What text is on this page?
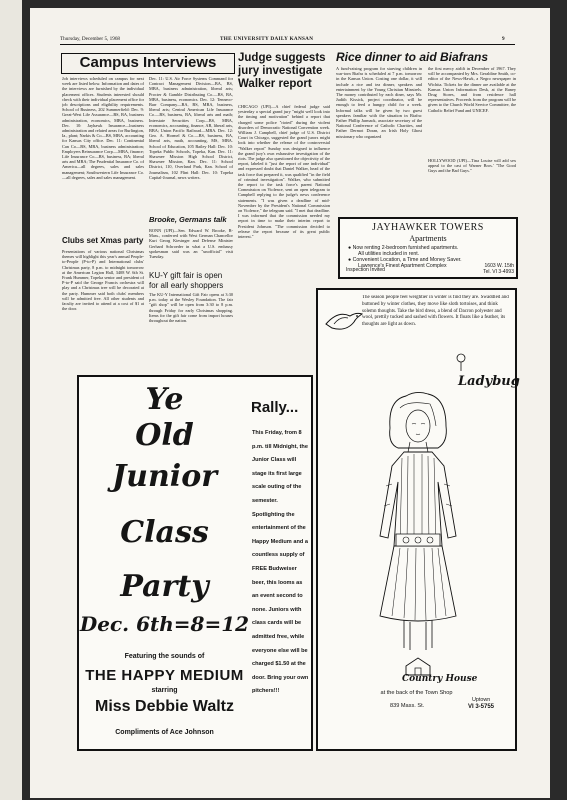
Thursday, December 5, 1968	THE UNIVERSITY DAILY KANSAN	9
Campus Interviews
Job interviews scheduled on campus for next week are listed below. Information and dates of the interviews are furnished by the individual placement offices. Students interested should check with their individual placement office for job descriptions and eligibility requirements. School of Business, 202 Summerfield: Dec. 9: Great-West Life Assurance—BS, BA, business administration, economics, MBA, business. Dec. 10: Jayhawk Insurance—business administration and related areas for Burlington, Ia., plant; Narkis & Co—BS, MBA, accounting for Kansas City office. Dec. 11: Continental Can Co—BS, MBA, business administration; Employers Reinsurance Corp.—MBA, finance; Life Insurance Co—BS, business, BA; liberal arts and MBA; The Prudential Insurance Co. of America—all degrees, sales and sales management; Southwestern Life Insurance Co.—all degrees, sales and sales management.
Dec. 11: U.S. Air Force Systems Command for Contract Management Division—BA, BS, MBA, business administration, liberal arts; Procter & Gamble Distributing Co.—BS, BA, MBA, business, economics. Dec. 12: Tenneco-Barr Company—BA, BS, MBA, business, liberal arts; Central American Life Insurance Co.—BS, business, BA, liberal arts and math; Interstate Securities Corp—BS, MBA, economics, accounting, finance, AB, liberal arts, BBA; Union Pacific Railroad—MBA. Dec. 12: Geo. A. Hormel & Co.—BS, business, BA, liberal arts, math, accounting, MS, MBA. School of Education, 105 Bailey Hall: Dec. 10: Topeka Public Schools, Topeka, Kan. Dec. 11: Shawnee Mission High School District, Shawnee Mission, Kan. Dec. 11: School District, 110, Overland Park, Kan. School of Journalism, 102 Flint Hall: Dec. 10: Topeka Capital-Journal, news writers.
Clubs set Xmas party
Presentations of various national Christmas themes will highlight this year's annual People-to-People (P-to-P) and International clubs' Christmas party, 8 p.m. to midnight tomorrow at the American Legion Hall, 3408 W. 6th St. Frank Hummer, Topeka senior and president of P-to-P said the George Francis orchestra will play and a Christmas tree will be decorated at the party. Hummer said both clubs' members will be admitted free. All other students and faculty are invited to attend at a cost of $1 at the door.
Brooke, Germans talk
BONN (UPI)—Sen. Edward W. Brooke, R-Mass., conferred with West German Chancellor Kurt Georg Kiesinger and Defense Minister Gerhard Schroeder in what a U.S. embassy spokesman said was an "unofficial" visit Tuesday.
KU-Y gift fair is open for all early shoppers
The KU-Y International Gift Fair opens at 3:30 p.m. today at the Wesley Foundation. The fair "gift shop" will be open from 3:30 to 8 p.m. through Friday for early Christmas shopping. Items for the gift fair come from import houses throughout the nation.
Judge suggests jury investigate Walker report
CHICAGO (UPI)—A chief federal judge said yesterday a special grand jury "might well look into the timing and motivation" behind a report that charged some police "rioted" during the violent disorders of Democratic National Convention week. William J. Campbell, chief judge of U.S. District Court in Chicago, suggested the grand jurors might look into whether the release of the controversial "Walker report" Sunday was designed to influence the grand jury's own exhaustive investigation of the riots. The judge also questioned the objectivity of the report, labeled it "just the report of one individual" and expressed doubt that Daniel Walker, head of the task force that prepared it, was qualified "in the field of criminal investigation". Walker, who submitted the report to the task force's parent National Commission on Violence, sent an open telegram to Campbell replying to the judge's news conference statements. "I was given a deadline of mid-November by the President's National Commission on Violence," the telegram said. "I met that deadline. I was informed that the commission needed my report in time to make their interim report to President Johnson. "The commission decided to release the report because of its great public interest."
Rice dinner to aid Biafrans
A fund-raising program for starving children in war-torn Biafra is scheduled at 7 p.m. tomorrow in the Kansas Union. Costing one dollar, it will include a rice and tea dinner, speakers and entertainment by the Young Christian Minstrels. The money contributed by each diner, says Mr. Judith Kissick, project coordinator, will be enough to feed a hungry child for a week. Informal talks will be given by two guest speakers familiar with the situation in Biafra: Father Phillip Jarmack, associate secretary of the National Conference of Catholic Charities, and Father Dermot Doran, an Irish Holy Ghost missionary who organized
the first mercy airlift in December of 1967. They will be accompanied by Mrs. Geraldine Smith, co-editor of the News-Hawk, a Negro newspaper in Wichita. Tickets for the dinner are available at the Kansas Union Information Desk, at the Raney Drug Stores, and from residence hall representatives. Proceeds from the program will be given to the Church World Service Committee, the Catholic Relief Fund and UNICEF.
HOLLYWOOD (UPI)—Tina Louise will add sex appeal to the cast of Warner Bros.' "The Good Guys and the Bad Guys."
JAYHAWKER TOWERS
Apartments
● Now renting 2-bedroom furnished apartments.
All utilities included in rent.
● Convenient Location, a Time and Money Saver.
Lawrence's Finest Apartment Complex
Inspection Invited
1603 W. 15th
Tel. VI 3-4993
Ye
Old
Junior
Class
Party
Dec. 6th=8=12
Featuring the sounds of
THE HAPPY MEDIUM
starring
Miss Debbie Waltz
Compliments of Ace Johnson
Rally...
This Friday, from 8 p.m. till Midnight, the Junior Class will stage its first large scale outing of the semester. Spotlighting the entertainment of the Happy Medium and a countless supply of FREE Budweiser beer, this looms as an event second to none. Juniors with class cards will be admitted free, while everyone else will be charged $1.50 at the door. Bring your own pitchers!!!
The season people feel weightier in winter is find they are. Swaddled and buttoned by winter clothes, they move like sloth tortoises, and think solemn thoughts. Take the bird dress, a blend of Dacron polyester and wool, prettily tucked and sashed with flowers. It floats like a feather, its thoughts are light as down.
Ladybug
Country House
at the back of the Town Shop
839 Mass. St.
Uptown
VI 3-5755
